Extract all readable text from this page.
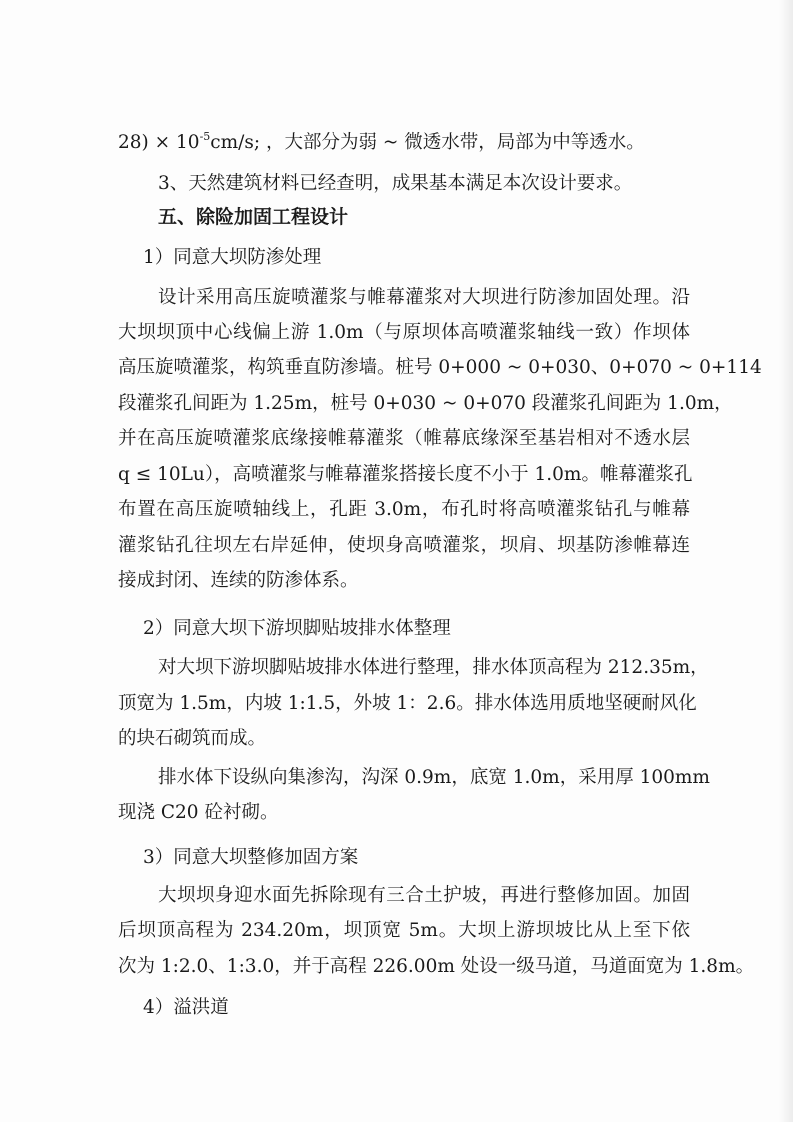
$28) \times 10^{-5}cm/s$; ，大部分为弱 ~ 微透水带，局部为中等透水。
3、天然建筑材料已经查明，成果基本满足本次设计要求。
五、除险加固工程设计
1）同意大坝防渗处理
设计采用高压旋喷灌浆与帷幕灌浆对大坝进行防渗加固处理。沿
大坝坝顶中心线偏上游 1.0m（与原坝体高喷灌浆轴线一致）作坝体
高压旋喷灌浆，构筑垂直防渗墙。桩号 0+000 ~ 0+030、0+070 ~ 0+114
段灌浆孔间距为 1.25m，桩号 0+030 ~ 0+070 段灌浆孔间距为 1.0m，
并在高压旋喷灌浆底缘接帷幕灌浆（帷幕底缘深至基岩相对不透水层
q ≤ 10Lu），高喷灌浆与帷幕灌浆搭接长度不小于 1.0m。帷幕灌浆孔
布置在高压旋喷轴线上，孔距 3.0m，布孔时将高喷灌浆钻孔与帷幕
灌浆钻孔往坝左右岸延伸，使坝身高喷灌浆，坝肩、坝基防渗帷幕连
接成封闭、连续的防渗体系。
2）同意大坝下游坝脚贴坡排水体整理
对大坝下游坝脚贴坡排水体进行整理，排水体顶高程为 212.35m，
顶宽为 1.5m，内坡 1:1.5，外坡 1：2.6。排水体选用质地坚硬耐风化
的块石砌筑而成。
排水体下设纵向集渗沟，沟深 0.9m，底宽 1.0m，采用厚 100mm
现浇 C20 砼衬砌。
3）同意大坝整修加固方案
大坝坝身迎水面先拆除现有三合土护坡，再进行整修加固。加固
后坝顶高程为 234.20m，坝顶宽 5m。大坝上游坝坡比从上至下依
次为 1:2.0、1:3.0，并于高程 226.00m 处设一级马道，马道面宽为 1.8m。
4）溢洪道
